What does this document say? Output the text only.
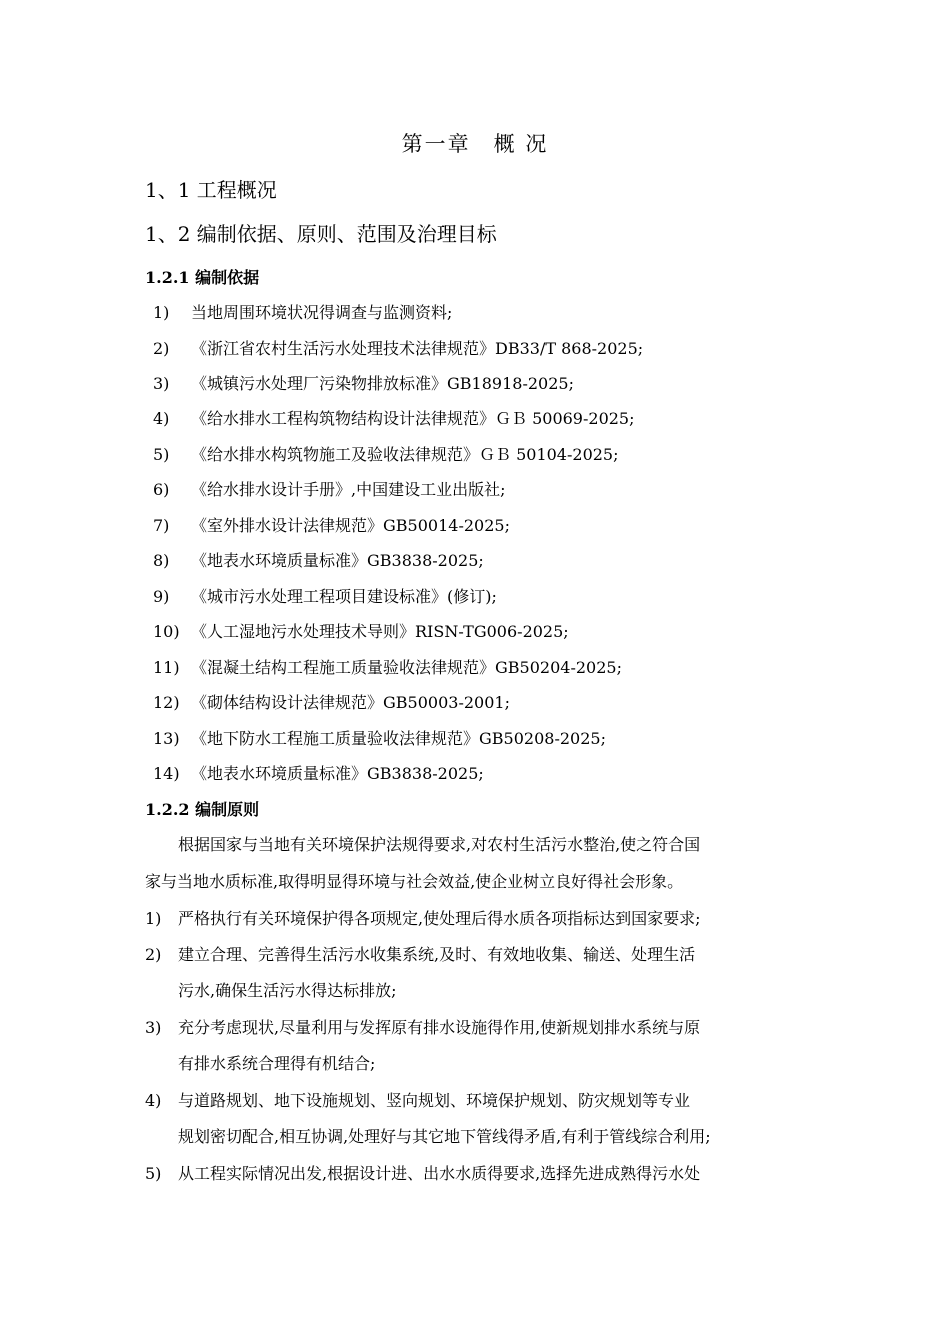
第一章　概 况
1、1 工程概况
1、2 编制依据、原则、范围及治理目标
1.2.1 编制依据
1) 当地周围环境状况得调查与监测资料;
2) 《浙江省农村生活污水处理技术法律规范》DB33/T 868-2025;
3) 《城镇污水处理厂污染物排放标准》GB18918-2025;
4) 《给水排水工程构筑物结构设计法律规范》ＧＢ 50069-2025;
5) 《给水排水构筑物施工及验收法律规范》ＧＢ 50104-2025;
6) 《给水排水设计手册》,中国建设工业出版社;
7) 《室外排水设计法律规范》GB50014-2025;
8) 《地表水环境质量标准》GB3838-2025;
9) 《城市污水处理工程项目建设标准》(修订);
10) 《人工湿地污水处理技术导则》RISN-TG006-2025;
11) 《混凝土结构工程施工质量验收法律规范》GB50204-2025;
12) 《砌体结构设计法律规范》GB50003-2001;
13) 《地下防水工程施工质量验收法律规范》GB50208-2025;
14) 《地表水环境质量标准》GB3838-2025;
1.2.2 编制原则
根据国家与当地有关环境保护法规得要求,对农村生活污水整治,使之符合国
家与当地水质标准,取得明显得环境与社会效益,使企业树立良好得社会形象。
1) 严格执行有关环境保护得各项规定,使处理后得水质各项指标达到国家要求;
2) 建立合理、完善得生活污水收集系统,及时、有效地收集、输送、处理生活
污水,确保生活污水得达标排放;
3) 充分考虑现状,尽量利用与发挥原有排水设施得作用,使新规划排水系统与原
有排水系统合理得有机结合;
4) 与道路规划、地下设施规划、竖向规划、环境保护规划、防灾规划等专业
规划密切配合,相互协调,处理好与其它地下管线得矛盾,有利于管线综合利用;
5) 从工程实际情况出发,根据设计进、出水水质得要求,选择先进成熟得污水处
